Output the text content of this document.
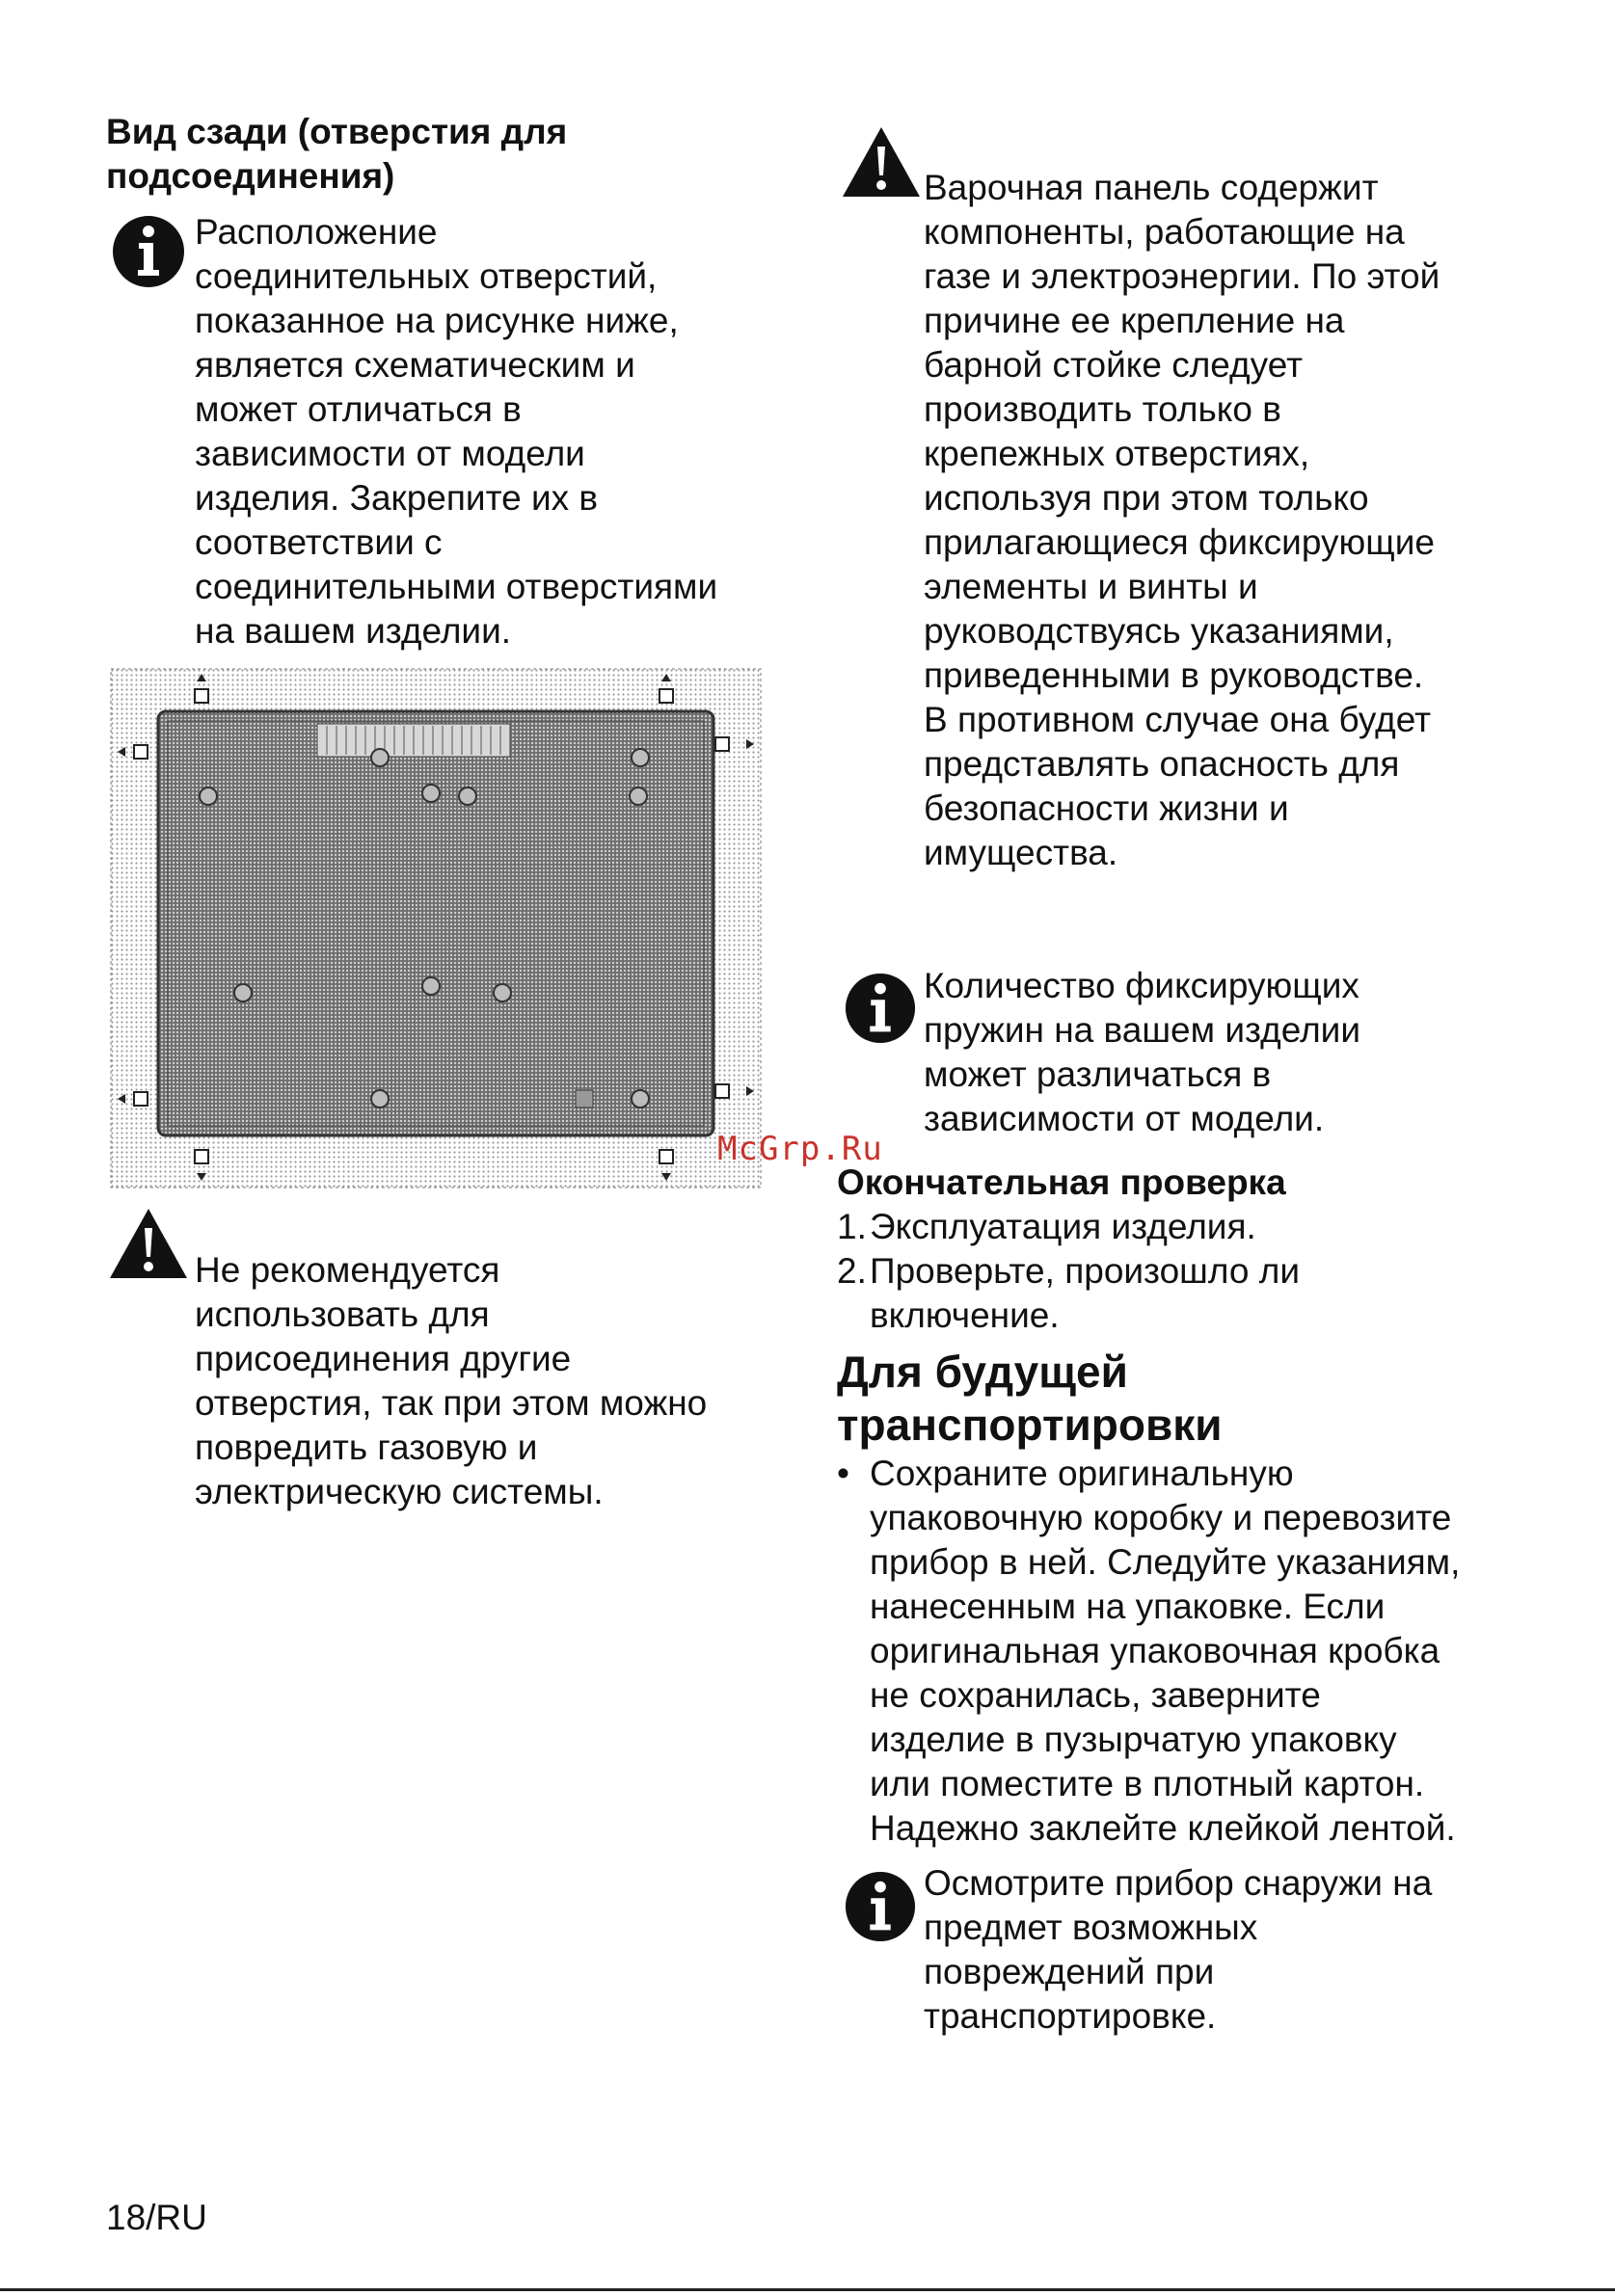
Вид сзади (отверстия для
подсоединения)
Расположение
соединительных отверстий,
показанное на рисунке ниже,
является схематическим и
может отличаться в
зависимости от модели
изделия. Закрепите их в
соответствии с
соединительными отверстиями
на вашем изделии.
Не рекомендуется
использовать для
присоединения другие
отверстия, так при этом можно
повредить газовую и
электрическую системы.
Варочная панель содержит
компоненты, работающие на
газе и электроэнергии. По этой
причине ее крепление на
барной стойке следует
производить только в
крепежных отверстиях,
используя при этом только
прилагающиеся фиксирующие
элементы и винты и
руководствуясь указаниями,
приведенными в руководстве.
В противном случае она будет
представлять опасность для
безопасности жизни и
имущества.
Количество фиксирующих
пружин на вашем изделии
может различаться в
зависимости от модели.
McGrp.Ru
Окончательная проверка
1. Эксплуатация изделия.
2. Проверьте, произошло ли
включение.
Для будущей
транспортировки
• Сохраните оригинальную
упаковочную коробку и перевозите
прибор в ней. Следуйте указаниям,
нанесенным на упаковке. Если
оригинальная упаковочная кробка
не сохранилась, заверните
изделие в пузырчатую упаковку
или поместите в плотный картон.
Надежно заклейте клейкой лентой.
Осмотрите прибор снаружи на
предмет возможных
повреждений при
транспортировке.
18/RU
